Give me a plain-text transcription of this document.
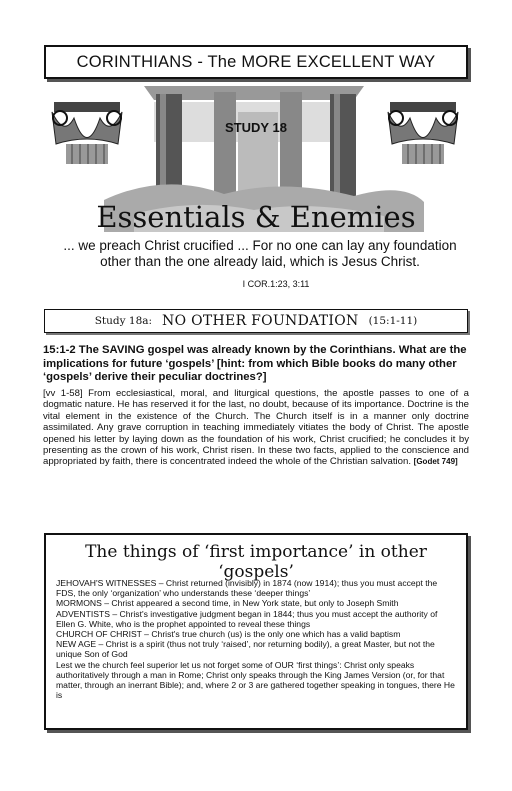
CORINTHIANS - The MORE EXCELLENT WAY
STUDY 18
Essentials & Enemies
... we preach Christ crucified ... For no one can lay any foundation
other than the one already laid, which is Jesus Christ.
I COR.1:23, 3:11
Study 18a: NO OTHER FOUNDATION (15:1-11)
15:1-2 The SAVING gospel was already known by the Corinthians. What are the implications for future ‘gospels’ [hint: from which Bible books do many other ‘gospels’ derive their peculiar doctrines?]
[vv 1-58] From ecclesiastical, moral, and liturgical questions, the apostle passes to one of a dogmatic nature. He has reserved it for the last, no doubt, because of its importance. Doctrine is the vital element in the existence of the Church. The Church itself is in a manner only doctrine assimilated. Any grave corruption in teaching immediately vitiates the body of Christ. The apostle opened his letter by laying down as the foundation of his work, Christ crucified; he concludes it by presenting as the crown of his work, Christ risen. In these two facts, applied to the conscience and appropriated by faith, there is concentrated indeed the whole of the Christian salvation. [Godet 749]
The things of ‘first importance’ in other ‘gospels’

JEHOVAH'S WITNESSES – Christ returned (invisibly) in 1874 (now 1914); thus you must accept the FDS, the only ‘organization’ who understands these ‘deeper things’

MORMONS – Christ appeared a second time, in New York state, but only to Joseph Smith

ADVENTISTS – Christ's investigative judgment began in 1844; thus you must accept the authority of Ellen G. White, who is the prophet appointed to reveal these things

CHURCH OF CHRIST – Christ's true church (us) is the only one which has a valid baptism

NEW AGE – Christ is a spirit (thus not truly ‘raised’, nor returning bodily), a great Master, but not the unique Son of God

Lest we the church feel superior let us not forget some of OUR ‘first things’: Christ only speaks authoritatively through a man in Rome; Christ only speaks through the King James Version (or, for that matter, through an inerrant Bible); and, where 2 or 3 are gathered together speaking in tongues, there He is
